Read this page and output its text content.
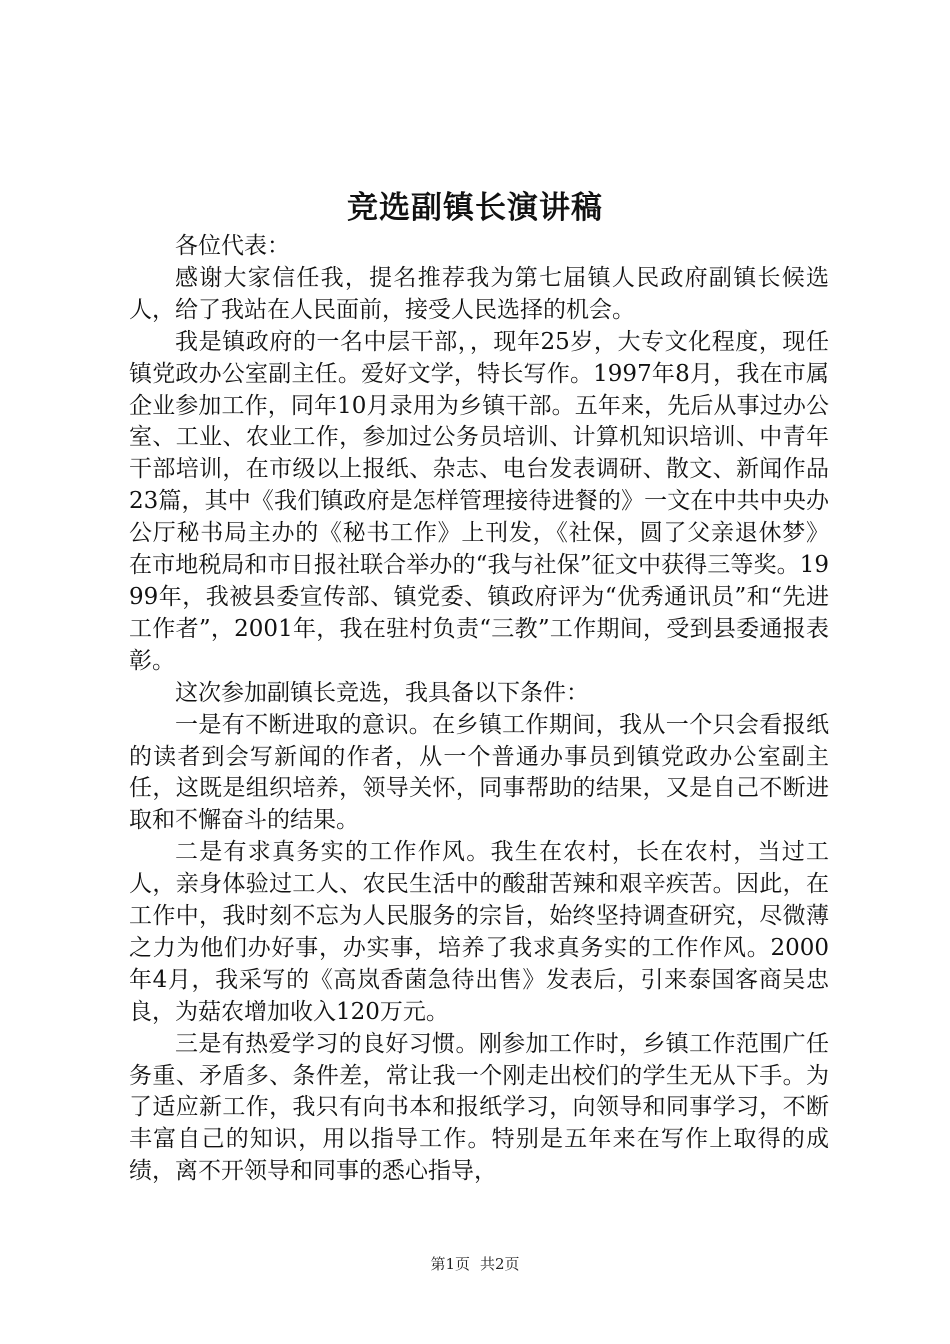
竞选副镇长演讲稿

各位代表：

感谢大家信任我，提名推荐我为第七届镇人民政府副镇长候选人，给了我站在人民面前，接受人民选择的机会。

我是镇政府的一名中层干部，，现年25岁，大专文化程度，现任镇党政办公室副主任。爱好文学，特长写作。1997年8月，我在市属企业参加工作，同年10月录用为乡镇干部。五年来，先后从事过办公室、工业、农业工作，参加过公务员培训、计算机知识培训、中青年干部培训，在市级以上报纸、杂志、电台发表调研、散文、新闻作品23篇，其中《我们镇政府是怎样管理接待进餐的》一文在中共中央办公厅秘书局主办的《秘书工作》上刊发，《社保，圆了父亲退休梦》在市地税局和市日报社联合举办的“我与社保”征文中获得三等奖。1999年，我被县委宣传部、镇党委、镇政府评为“优秀通讯员”和“先进工作者”，2001年，我在驻村负责“三教”工作期间，受到县委通报表彰。

这次参加副镇长竞选，我具备以下条件：

一是有不断进取的意识。在乡镇工作期间，我从一个只会看报纸的读者到会写新闻的作者，从一个普通办事员到镇党政办公室副主任，这既是组织培养，领导关怀，同事帮助的结果，又是自己不断进取和不懈奋斗的结果。

二是有求真务实的工作作风。我生在农村，长在农村，当过工人，亲身体验过工人、农民生活中的酸甜苦辣和艰辛疾苦。因此，在工作中，我时刻不忘为人民服务的宗旨，始终坚持调查研究，尽微薄之力为他们办好事，办实事，培养了我求真务实的工作作风。2000年4月，我采写的《高岚香菌急待出售》发表后，引来泰国客商吴忠良，为菇农增加收入120万元。

三是有热爱学习的良好习惯。刚参加工作时，乡镇工作范围广任务重、矛盾多、条件差，常让我一个刚走出校们的学生无从下手。为了适应新工作，我只有向书本和报纸学习，向领导和同事学习，不断丰富自己的知识，用以指导工作。特别是五年来在写作上取得的成绩，离不开领导和同事的悉心指导，

第1页 共2页
